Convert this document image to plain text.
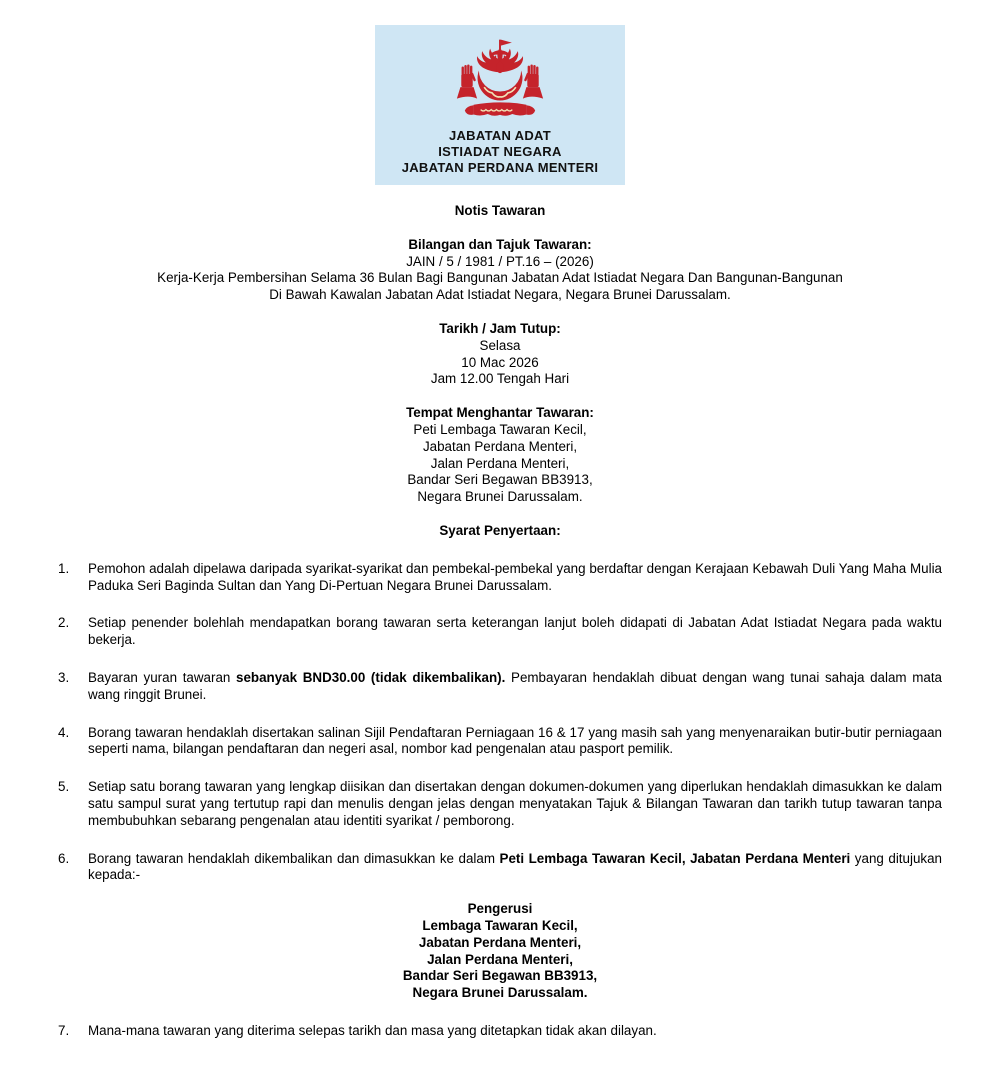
JABATAN ADAT
ISTIADAT NEGARA
JABATAN PERDANA MENTERI
Notis Tawaran
Bilangan dan Tajuk Tawaran:
JAIN / 5 / 1981 / PT.16 – (2026)
Kerja-Kerja Pembersihan Selama 36 Bulan Bagi Bangunan Jabatan Adat Istiadat Negara Dan Bangunan-Bangunan
Di Bawah Kawalan Jabatan Adat Istiadat Negara, Negara Brunei Darussalam.
Tarikh / Jam Tutup:
Selasa
10 Mac 2026
Jam 12.00 Tengah Hari
Tempat Menghantar Tawaran:
Peti Lembaga Tawaran Kecil,
Jabatan Perdana Menteri,
Jalan Perdana Menteri,
Bandar Seri Begawan BB3913,
Negara Brunei Darussalam.
Syarat Penyertaan:
1.	Pemohon adalah dipelawa daripada syarikat-syarikat dan pembekal-pembekal yang berdaftar dengan Kerajaan Kebawah Duli Yang Maha Mulia Paduka Seri Baginda Sultan dan Yang Di-Pertuan Negara Brunei Darussalam.
2.	Setiap penender bolehlah mendapatkan borang tawaran serta keterangan lanjut boleh didapati di Jabatan Adat Istiadat Negara pada waktu bekerja.
3.	Bayaran yuran tawaran sebanyak BND30.00 (tidak dikembalikan). Pembayaran hendaklah dibuat dengan wang tunai sahaja dalam mata wang ringgit Brunei.
4.	Borang tawaran hendaklah disertakan salinan Sijil Pendaftaran Perniagaan 16 & 17 yang masih sah yang menyenaraikan butir-butir perniagaan seperti nama, bilangan pendaftaran dan negeri asal, nombor kad pengenalan atau pasport pemilik.
5.	Setiap satu borang tawaran yang lengkap diisikan dan disertakan dengan dokumen-dokumen yang diperlukan hendaklah dimasukkan ke dalam satu sampul surat yang tertutup rapi dan menulis dengan jelas dengan menyatakan Tajuk & Bilangan Tawaran dan tarikh tutup tawaran tanpa membubuhkan sebarang pengenalan atau identiti syarikat / pemborong.
6.	Borang tawaran hendaklah dikembalikan dan dimasukkan ke dalam Peti Lembaga Tawaran Kecil, Jabatan Perdana Menteri yang ditujukan kepada:-
Pengerusi
Lembaga Tawaran Kecil,
Jabatan Perdana Menteri,
Jalan Perdana Menteri,
Bandar Seri Begawan BB3913,
Negara Brunei Darussalam.
7.	Mana-mana tawaran yang diterima selepas tarikh dan masa yang ditetapkan tidak akan dilayan.
